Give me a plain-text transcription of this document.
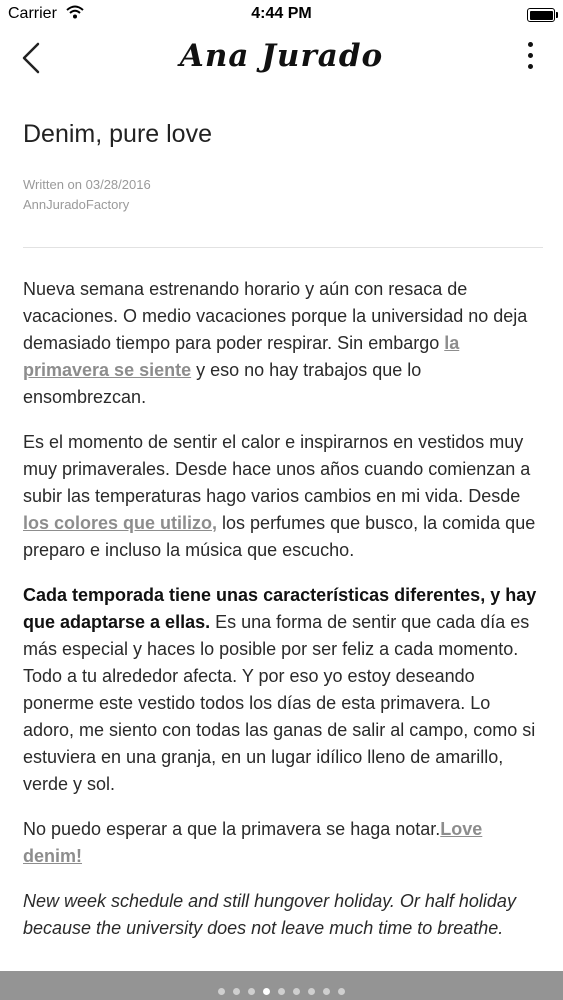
Carrier	4:44 PM
Ana Jurado
Denim, pure love
Written on 03/28/2016
AnnJuradoFactory

Nueva semana estrenando horario y aún con resaca de vacaciones. O medio vacaciones porque la universidad no deja demasiado tiempo para poder respirar. Sin embargo la primavera se siente y eso no hay trabajos que lo ensombrezcan.

Es el momento de sentir el calor e inspirarnos en vestidos muy muy primaverales. Desde hace unos años cuando comienzan a subir las temperaturas hago varios cambios en mi vida. Desde los colores que utilizo, los perfumes que busco, la comida que preparo e incluso la música que escucho.

Cada temporada tiene unas características diferentes, y hay que adaptarse a ellas. Es una forma de sentir que cada día es más especial y haces lo posible por ser feliz a cada momento. Todo a tu alrededor afecta. Y por eso yo estoy deseando ponerme este vestido todos los días de esta primavera. Lo adoro, me siento con todas las ganas de salir al campo, como si estuviera en una granja, en un lugar idílico lleno de amarillo, verde y sol.

No puedo esperar a que la primavera se haga notar.Love denim!

New week schedule and still hungover holiday. Or half holiday because the university does not leave much time to breathe.
